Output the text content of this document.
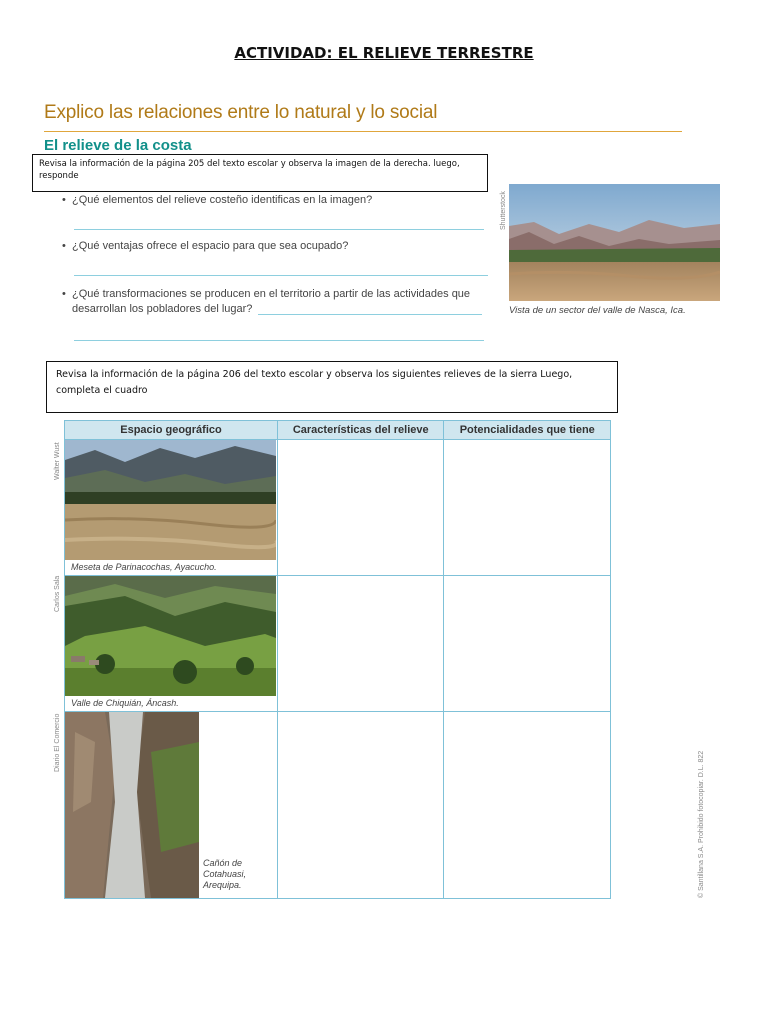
ACTIVIDAD: EL RELIEVE TERRESTRE
Explico las relaciones entre lo natural y lo social
El relieve de la costa
Revisa la información de la página 205 del texto escolar y observa la imagen de la derecha. luego, responde
• ¿Qué elementos del relieve costeño identificas en la imagen?
• ¿Qué ventajas ofrece el espacio para que sea ocupado?
• ¿Qué transformaciones se producen en el territorio a partir de las actividades que
desarrollan los pobladores del lugar?
Shutterstock
Vista de un sector del valle de Nasca, Ica.
Revisa la información de la página 206 del texto escolar y observa los siguientes relieves de la sierra Luego, completa el cuadro
Walter Wust
Carlos Sala
Diario El Comercio
Espacio geográfico	Características del relieve	Potencialidades que tiene

Meseta de Parinacochas, Ayacucho.		

Valle de Chiquián, Áncash.		

Cañón de Cotahuasi, Arequipa.		
			© Santillana S.A. Prohibido fotocopiar. D.L. 822
